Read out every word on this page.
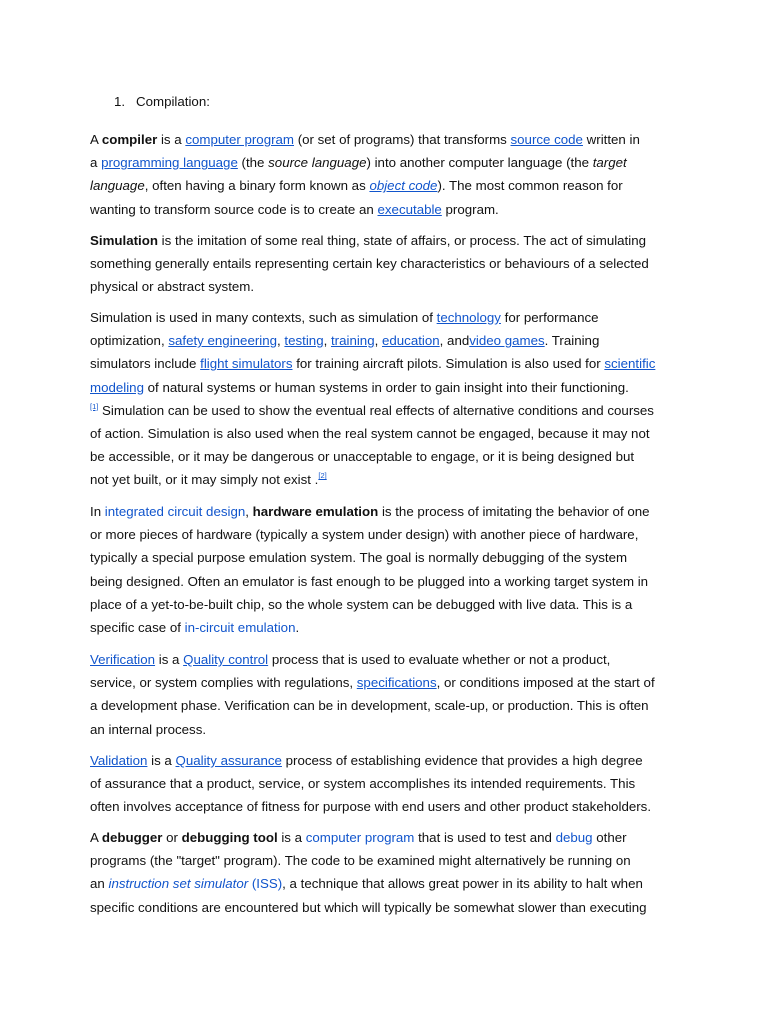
1. Compilation:

A compiler is a computer program (or set of programs) that transforms source code written in
a programming language (the source language) into another computer language (the target
language, often having a binary form known as object code). The most common reason for
wanting to transform source code is to create an executable program.

Simulation is the imitation of some real thing, state of affairs, or process. The act of simulating
something generally entails representing certain key characteristics or behaviours of a selected
physical or abstract system.

Simulation is used in many contexts, such as simulation of technology for performance
optimization, safety engineering, testing, training, education, andvideo games. Training
simulators include flight simulators for training aircraft pilots. Simulation is also used for scientific
modeling of natural systems or human systems in order to gain insight into their functioning.
[1] Simulation can be used to show the eventual real effects of alternative conditions and courses
of action. Simulation is also used when the real system cannot be engaged, because it may not
be accessible, or it may be dangerous or unacceptable to engage, or it is being designed but
not yet built, or it may simply not exist .[2]

In integrated circuit design, hardware emulation is the process of imitating the behavior of one
or more pieces of hardware (typically a system under design) with another piece of hardware,
typically a special purpose emulation system. The goal is normally debugging of the system
being designed. Often an emulator is fast enough to be plugged into a working target system in
place of a yet-to-be-built chip, so the whole system can be debugged with live data. This is a
specific case of in-circuit emulation.

Verification is a Quality control process that is used to evaluate whether or not a product,
service, or system complies with regulations, specifications, or conditions imposed at the start of
a development phase. Verification can be in development, scale-up, or production. This is often
an internal process.

Validation is a Quality assurance process of establishing evidence that provides a high degree
of assurance that a product, service, or system accomplishes its intended requirements. This
often involves acceptance of fitness for purpose with end users and other product stakeholders.

A debugger or debugging tool is a computer program that is used to test and debug other
programs (the "target" program). The code to be examined might alternatively be running on
an instruction set simulator (ISS), a technique that allows great power in its ability to halt when
specific conditions are encountered but which will typically be somewhat slower than executing
